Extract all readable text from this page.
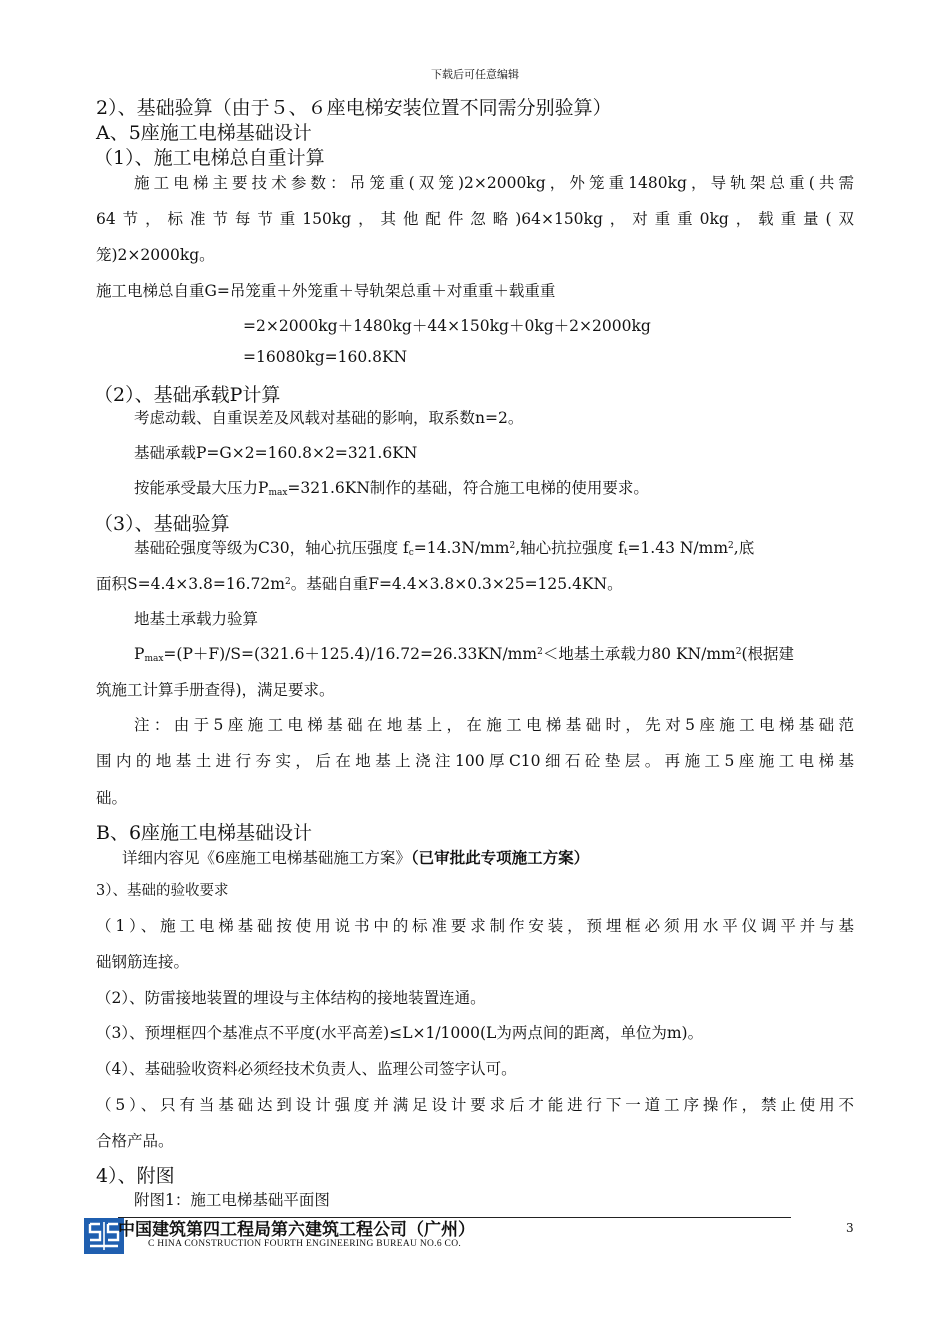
下载后可任意编辑
2）、基础验算（由于５、６座电梯安装位置不同需分别验算）
A、5座施工电梯基础设计
（1）、施工电梯总自重计算
施工电梯主要技术参数：吊笼重(双笼)2×2000kg，外笼重1480kg，导轨架总重(共需
64节，标准节每节重150kg，其他配件忽略)64×150kg，对重重0kg，载重量(双
笼)2×2000kg。
施工电梯总自重G=吊笼重＋外笼重＋导轨架总重＋对重重＋载重重
=2×2000kg＋1480kg＋44×150kg＋0kg＋2×2000kg
=16080kg=160.8KN
（2）、基础承载P计算
考虑动载、自重误差及风载对基础的影响，取系数n=2。
基础承载P=G×2=160.8×2=321.6KN
按能承受最大压力$P_{max}=321.6KN$制作的基础，符合施工电梯的使用要求。
（3）、基础验算
基础砼强度等级为C30，轴心抗压强度 $f_c=14.3N/mm^2$,轴心抗拉强度 $f_t=1.43$ $N/mm^2$,底
面积$S=4.4\times 3.8=16.72m^2$。基础自重F=4.4×3.8×0.3×25=125.4KN。
地基土承载力验算
$P_{max}=(P+F)/S=(321.6+125.4)/16.72=26.33KN/mm^2<$地基土承载力80 $KN/mm^2$(根据建
筑施工计算手册查得)，满足要求。
注：由于5座施工电梯基础在地基上，在施工电梯基础时，先对5座施工电梯基础范
围内的地基土进行夯实，后在地基上浇注100厚C10细石砼垫层。再施工5座施工电梯基
础。
B、6座施工电梯基础设计
详细内容见《6座施工电梯基础施工方案》（已审批此专项施工方案）
3）、基础的验收要求
（1）、施工电梯基础按使用说书中的标准要求制作安装，预埋框必须用水平仪调平并与基
础钢筋连接。
（2）、防雷接地装置的埋设与主体结构的接地装置连通。
（3）、预埋框四个基准点不平度(水平高差)≤L×1/1000(L为两点间的距离，单位为m)。
（4）、基础验收资料必须经技术负责人、监理公司签字认可。
（5）、只有当基础达到设计强度并满足设计要求后才能进行下一道工序操作，禁止使用不
合格产品。
4）、附图
附图1：施工电梯基础平面图
中国建筑第四工程局第六建筑工程公司（广州）
C HINA CONSTRUCTION FOURTH ENGINEERING BUREAU NO.6 CO.
3
